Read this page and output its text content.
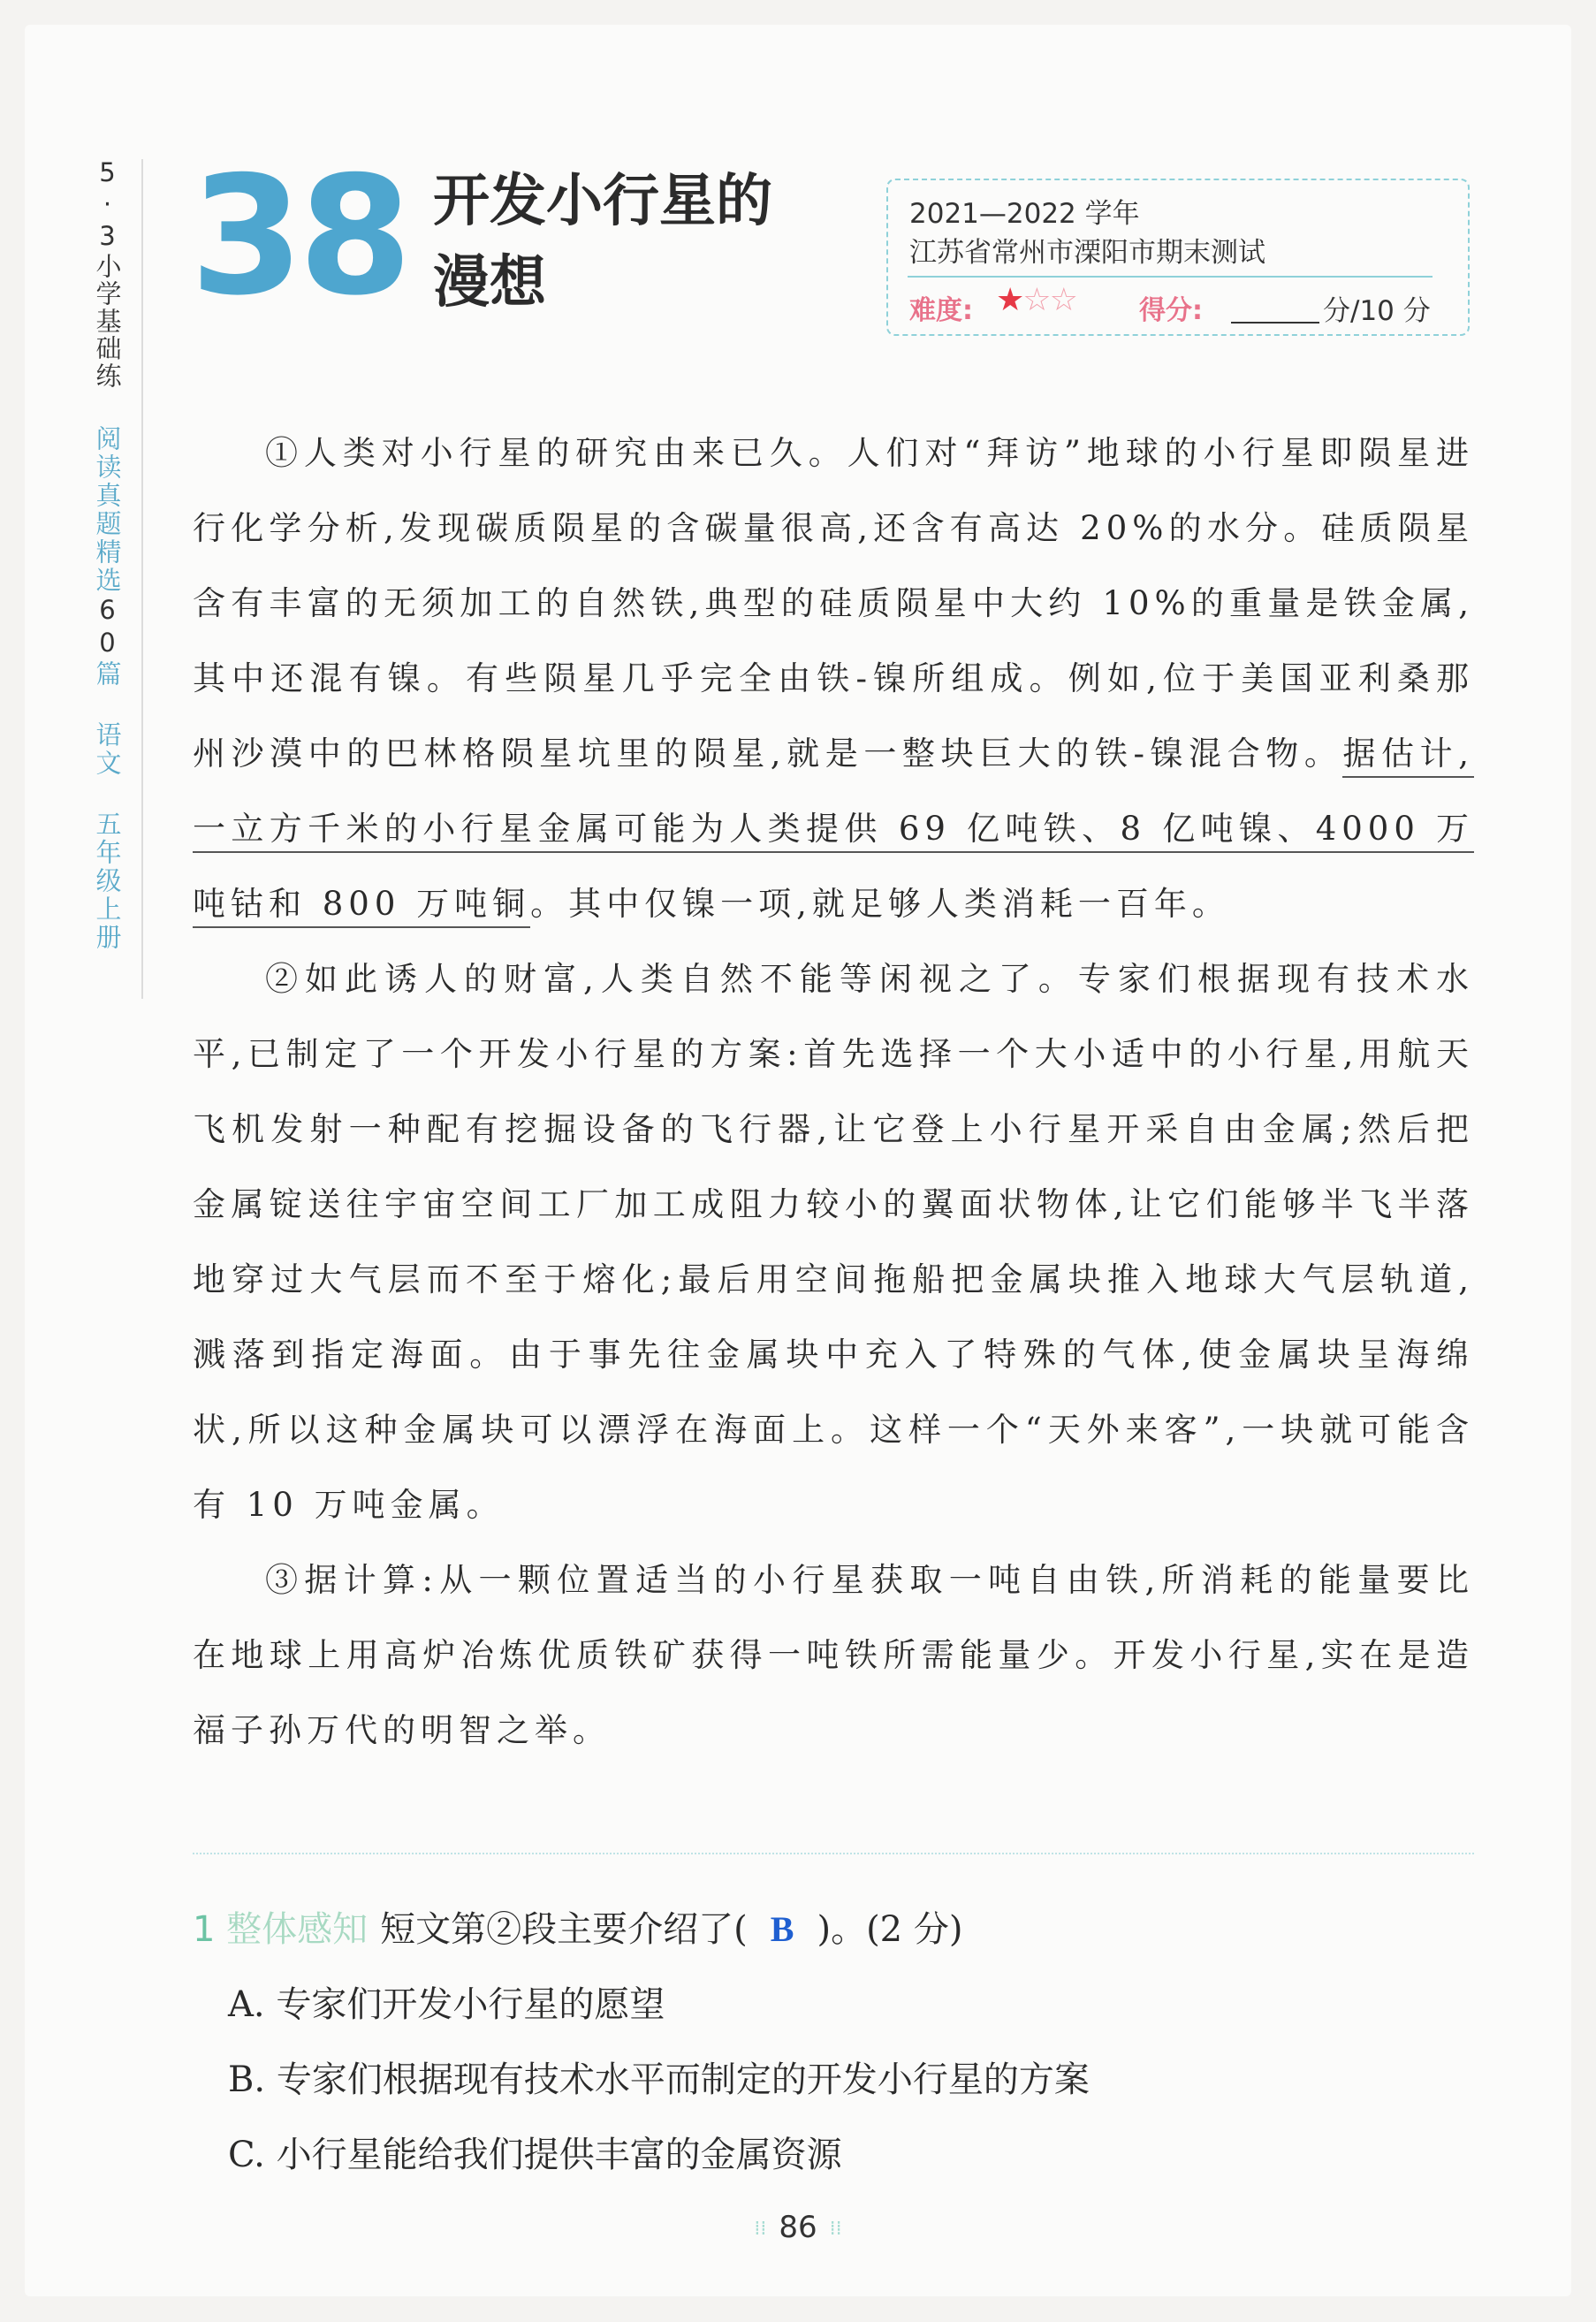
5·3小学基础练
阅读真题精选60篇 语文 五年级上册
38 开发小行星的
漫想
2021—2022 学年
江苏省常州市溧阳市期末测试
难度: ★☆☆ 得分:	分/10 分

①人类对小行星的研究由来已久。人们对“拜访”地球的小行星即陨星进行化学分析,发现碳质陨星的含碳量很高,还含有高达 20%的水分。硅质陨星含有丰富的无须加工的自然铁,典型的硅质陨星中大约 10%的重量是铁金属,其中还混有镍。有些陨星几乎完全由铁-镍所组成。例如,位于美国亚利桑那州沙漠中的巴林格陨星坑里的陨星,就是一整块巨大的铁-镍混合物。据估计,一立方千米的小行星金属可能为人类提供 69 亿吨铁、8 亿吨镍、4000 万吨钴和 800 万吨铜。其中仅镍一项,就足够人类消耗一百年。

②如此诱人的财富,人类自然不能等闲视之了。专家们根据现有技术水平,已制定了一个开发小行星的方案:首先选择一个大小适中的小行星,用航天飞机发射一种配有挖掘设备的飞行器,让它登上小行星开采自由金属;然后把金属锭送往宇宙空间工厂加工成阻力较小的翼面状物体,让它们能够半飞半落地穿过大气层而不至于熔化;最后用空间拖船把金属块推入地球大气层轨道,溅落到指定海面。由于事先往金属块中充入了特殊的气体,使金属块呈海绵状,所以这种金属块可以漂浮在海面上。这样一个“天外来客”,一块就可能含有 10 万吨金属。

③据计算:从一颗位置适当的小行星获取一吨自由铁,所消耗的能量要比在地球上用高炉冶炼优质铁矿获得一吨铁所需能量少。开发小行星,实在是造福子孙万代的明智之举。

1 整体感知 短文第②段主要介绍了( B )。(2 分)
A. 专家们开发小行星的愿望
B. 专家们根据现有技术水平而制定的开发小行星的方案
C. 小行星能给我们提供丰富的金属资源
⁞⁞ 86 ⁞⁞
